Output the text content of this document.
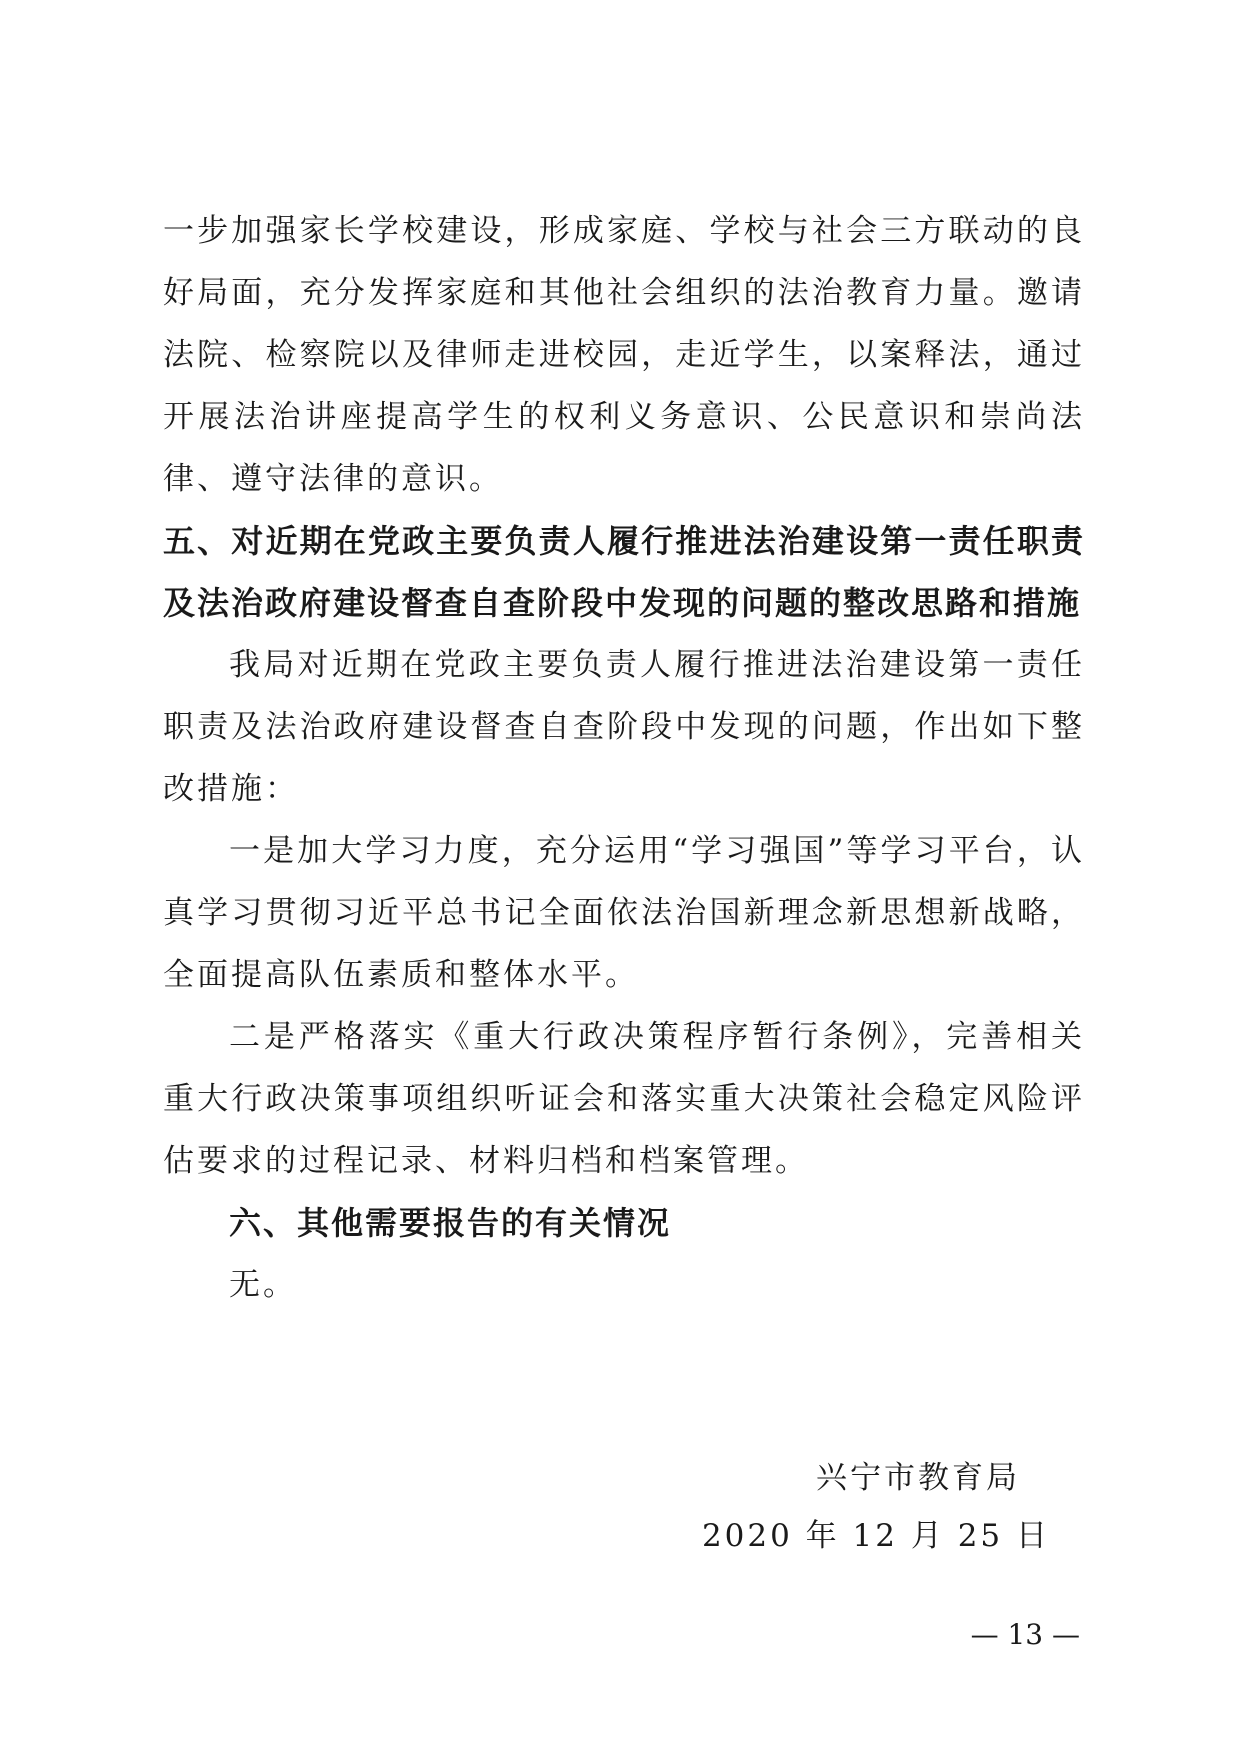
一步加强家长学校建设，形成家庭、学校与社会三方联动的良好局面，充分发挥家庭和其他社会组织的法治教育力量。邀请法院、检察院以及律师走进校园，走近学生，以案释法，通过开展法治讲座提高学生的权利义务意识、公民意识和崇尚法律、遵守法律的意识。

五、对近期在党政主要负责人履行推进法治建设第一责任职责及法治政府建设督查自查阶段中发现的问题的整改思路和措施

我局对近期在党政主要负责人履行推进法治建设第一责任职责及法治政府建设督查自查阶段中发现的问题，作出如下整改措施：

一是加大学习力度，充分运用“学习强国”等学习平台，认真学习贯彻习近平总书记全面依法治国新理念新思想新战略，全面提高队伍素质和整体水平。

二是严格落实《重大行政决策程序暂行条例》，完善相关重大行政决策事项组织听证会和落实重大决策社会稳定风险评估要求的过程记录、材料归档和档案管理。

六、其他需要报告的有关情况

无。

兴宁市教育局
2020 年 12 月 25 日
— 13 —
